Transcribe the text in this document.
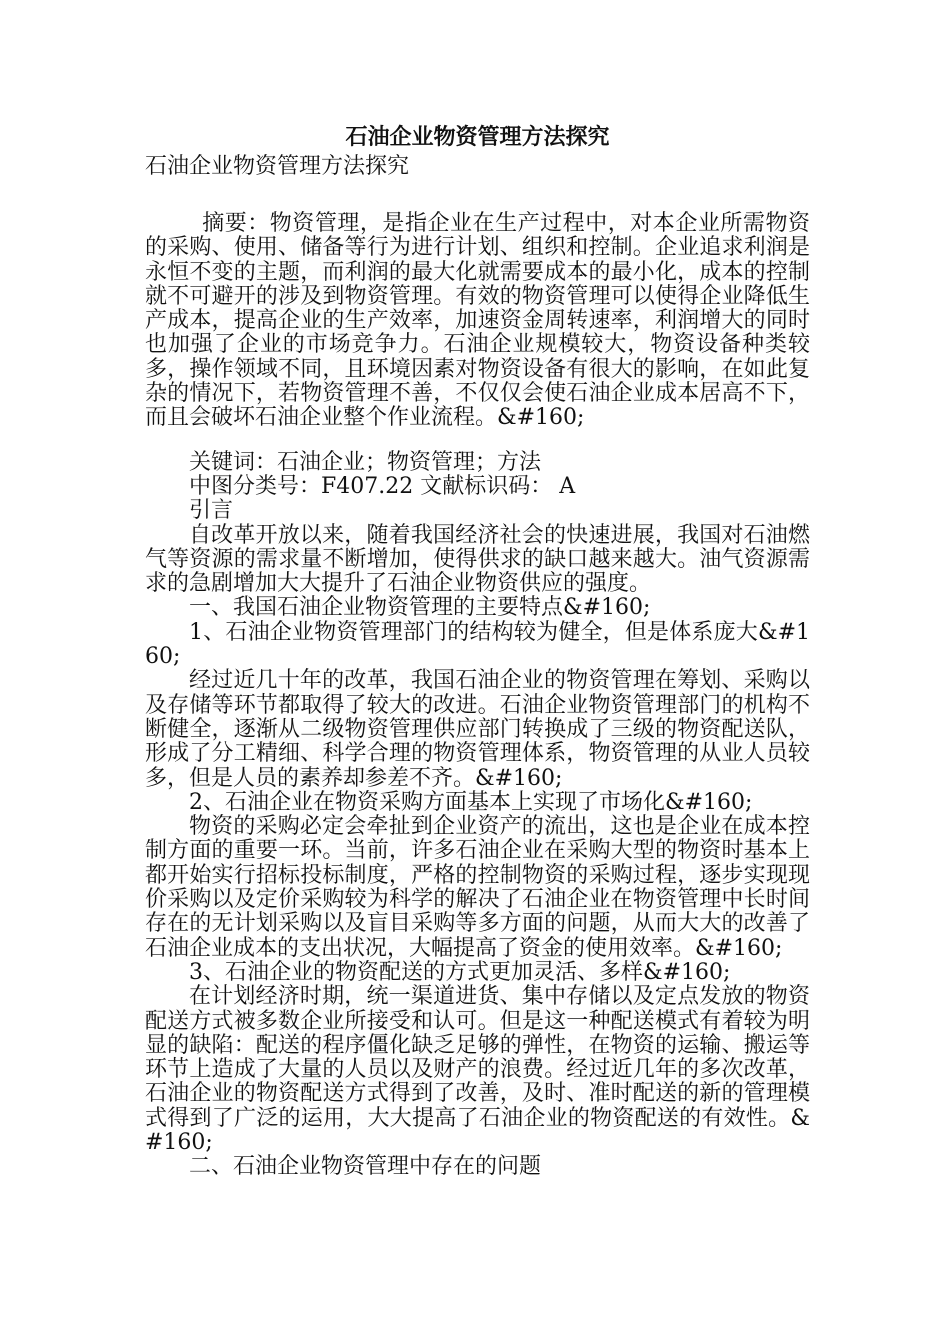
石油企业物资管理方法探究

石油企业物资管理方法探究

摘要：物资管理，是指企业在生产过程中，对本企业所需物资的采购、使用、储备等行为进行计划、组织和控制。企业追求利润是永恒不变的主题，而利润的最大化就需要成本的最小化，成本的控制就不可避开的涉及到物资管理。有效的物资管理可以使得企业降低生产成本，提高企业的生产效率，加速资金周转速率，利润增大的同时也加强了企业的市场竞争力。石油企业规模较大，物资设备种类较多，操作领域不同，且环境因素对物资设备有很大的影响，在如此复杂的情况下，若物资管理不善，不仅仅会使石油企业成本居高不下，而且会破坏石油企业整个作业流程。&#160;

关键词：石油企业；物资管理；方法

中图分类号：F407.22 文献标识码： A

引言

自改革开放以来，随着我国经济社会的快速进展，我国对石油燃气等资源的需求量不断增加，使得供求的缺口越来越大。油气资源需求的急剧增加大大提升了石油企业物资供应的强度。

一、我国石油企业物资管理的主要特点&#160;

1、石油企业物资管理部门的结构较为健全，但是体系庞大&#160;

经过近几十年的改革，我国石油企业的物资管理在筹划、采购以及存储等环节都取得了较大的改进。石油企业物资管理部门的机构不断健全，逐渐从二级物资管理供应部门转换成了三级的物资配送队，形成了分工精细、科学合理的物资管理体系，物资管理的从业人员较多，但是人员的素养却参差不齐。&#160;

2、石油企业在物资采购方面基本上实现了市场化&#160;

物资的采购必定会牵扯到企业资产的流出，这也是企业在成本控制方面的重要一环。当前，许多石油企业在采购大型的物资时基本上都开始实行招标投标制度，严格的控制物资的采购过程，逐步实现现价采购以及定价采购较为科学的解决了石油企业在物资管理中长时间存在的无计划采购以及盲目采购等多方面的问题，从而大大的改善了石油企业成本的支出状况，大幅提高了资金的使用效率。&#160;

3、石油企业的物资配送的方式更加灵活、多样&#160;

在计划经济时期，统一渠道进货、集中存储以及定点发放的物资配送方式被多数企业所接受和认可。但是这一种配送模式有着较为明显的缺陷：配送的程序僵化缺乏足够的弹性，在物资的运输、搬运等环节上造成了大量的人员以及财产的浪费。经过近几年的多次改革，石油企业的物资配送方式得到了改善，及时、准时配送的新的管理模式得到了广泛的运用，大大提高了石油企业的物资配送的有效性。&#160;

二、石油企业物资管理中存在的问题
